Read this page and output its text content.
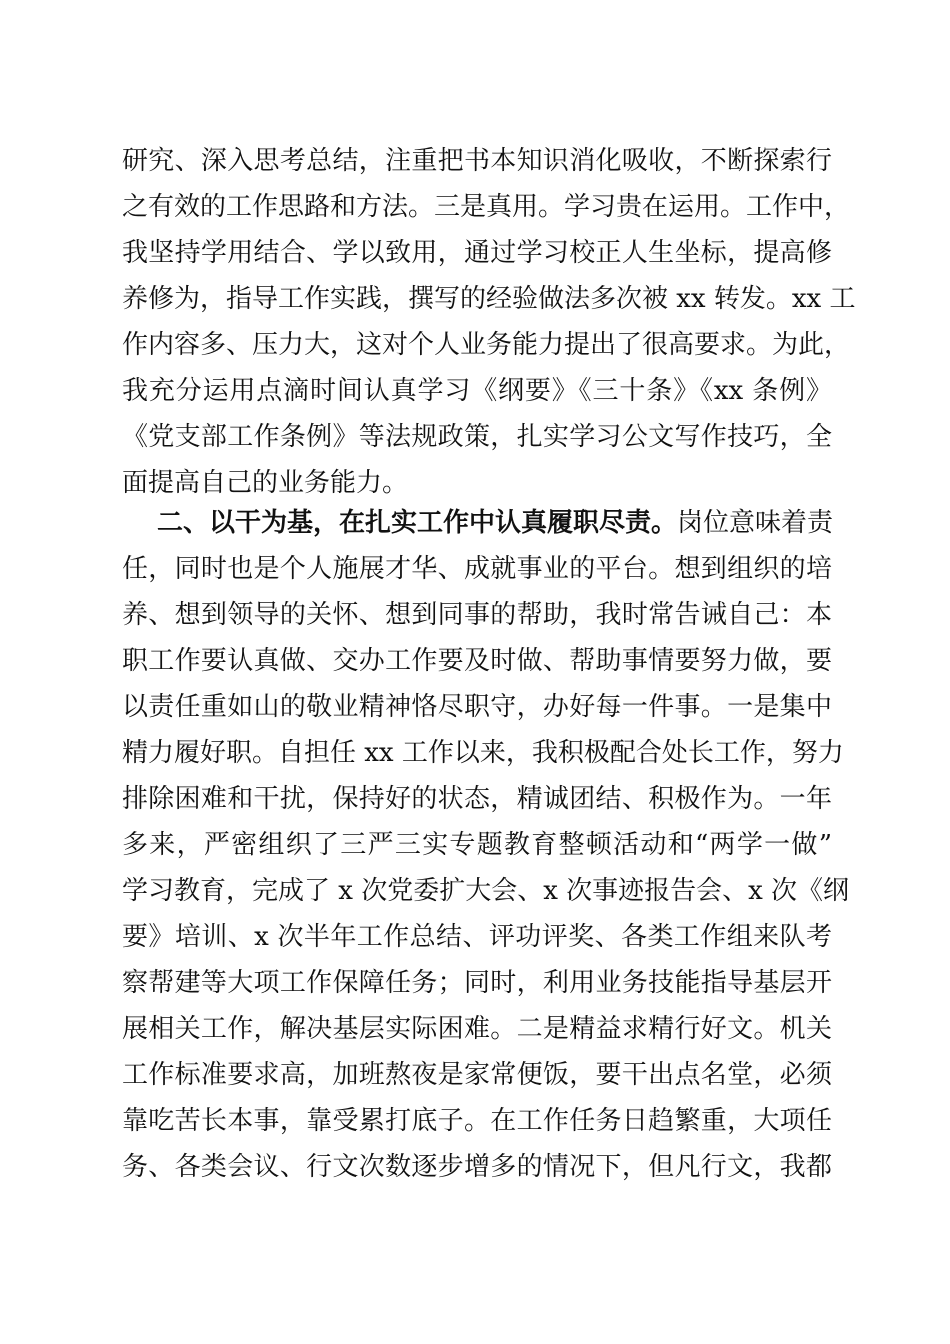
研究、深入思考总结，注重把书本知识消化吸收，不断探索行
之有效的工作思路和方法。三是真用。学习贵在运用。工作中，
我坚持学用结合、学以致用，通过学习校正人生坐标，提高修
养修为，指导工作实践，撰写的经验做法多次被 xx 转发。xx 工
作内容多、压力大，这对个人业务能力提出了很高要求。为此，
我充分运用点滴时间认真学习《纲要》《三十条》《xx 条例》
《党支部工作条例》等法规政策，扎实学习公文写作技巧，全
面提高自己的业务能力。
二、以干为基，在扎实工作中认真履职尽责。岗位意味着责
任，同时也是个人施展才华、成就事业的平台。想到组织的培
养、想到领导的关怀、想到同事的帮助，我时常告诫自己：本
职工作要认真做、交办工作要及时做、帮助事情要努力做，要
以责任重如山的敬业精神恪尽职守，办好每一件事。一是集中
精力履好职。自担任 xx 工作以来，我积极配合处长工作，努力
排除困难和干扰，保持好的状态，精诚团结、积极作为。一年
多来，严密组织了三严三实专题教育整顿活动和“两学一做”
学习教育，完成了 x 次党委扩大会、x 次事迹报告会、x 次《纲
要》培训、x 次半年工作总结、评功评奖、各类工作组来队考
察帮建等大项工作保障任务；同时，利用业务技能指导基层开
展相关工作，解决基层实际困难。二是精益求精行好文。机关
工作标准要求高，加班熬夜是家常便饭，要干出点名堂，必须
靠吃苦长本事，靠受累打底子。在工作任务日趋繁重，大项任
务、各类会议、行文次数逐步增多的情况下，但凡行文，我都
